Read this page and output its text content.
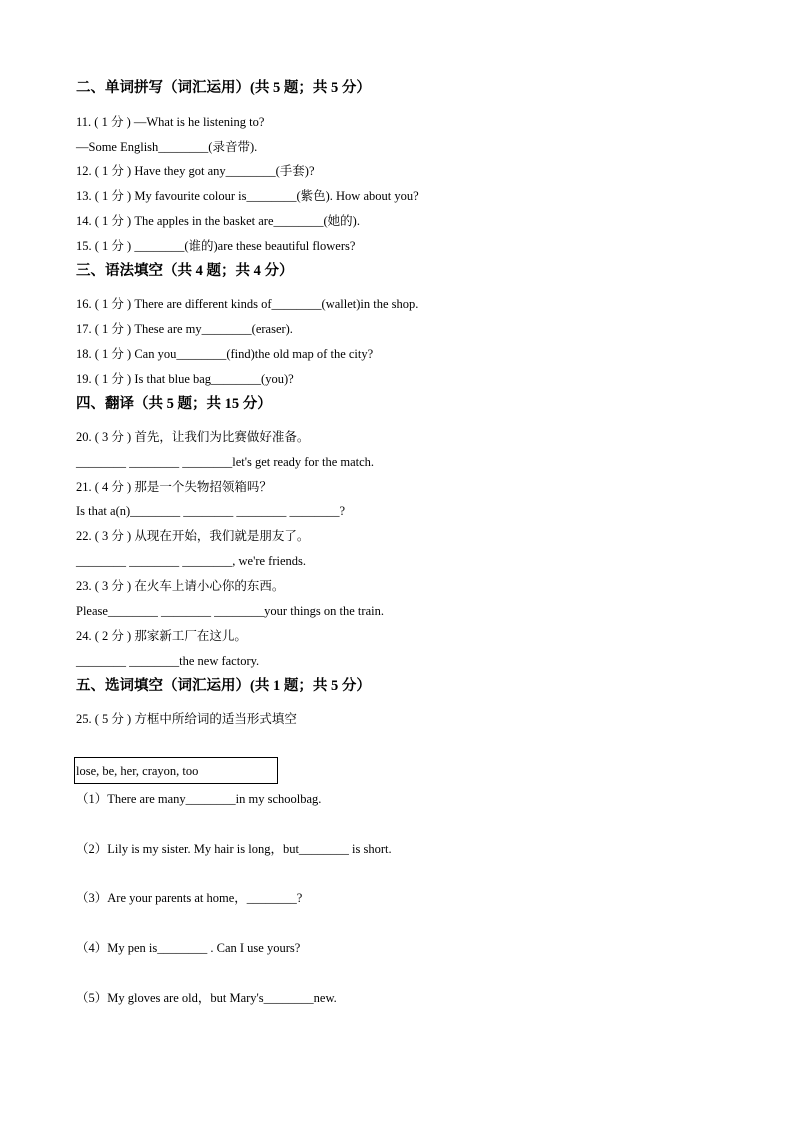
二、单词拼写（词汇运用）(共 5 题；共 5 分）
11. ( 1 分 ) —What is he listening to?
—Some English________(录音带).
12. ( 1 分 ) Have they got any________(手套)?
13. ( 1 分 ) My favourite colour is________(紫色). How about you?
14. ( 1 分 ) The apples in the basket are________(她的).
15. ( 1 分 ) ________(谁的)are these beautiful flowers?
三、语法填空（共 4 题；共 4 分）
16. ( 1 分 ) There are different kinds of________(wallet)in the shop.
17. ( 1 分 ) These are my________(eraser).
18. ( 1 分 ) Can you________(find)the old map of the city?
19. ( 1 分 ) Is that blue bag________(you)?
四、翻译（共 5 题；共 15 分）
20. ( 3 分 ) 首先，让我们为比赛做好准备。
________ ________ ________let's get ready for the match.
21. ( 4 分 ) 那是一个失物招领箱吗？
Is that a(n)________ ________ ________ ________?
22. ( 3 分 ) 从现在开始，我们就是朋友了。
________ ________ ________, we're friends.
23. ( 3 分 ) 在火车上请小心你的东西。
Please________ ________ ________your things on the train.
24. ( 2 分 ) 那家新工厂在这儿。
________ ________the new factory.
五、选词填空（词汇运用）(共 1 题；共 5 分）
25. ( 5 分 ) 方框中所给词的适当形式填空
lose, be, her, crayon, too
（1）There are many________in my schoolbag.
（2）Lily is my sister. My hair is long，but________ is short.
（3）Are your parents at home，________?
（4）My pen is________ . Can I use yours?
（5）My gloves are old，but Mary's________new.
